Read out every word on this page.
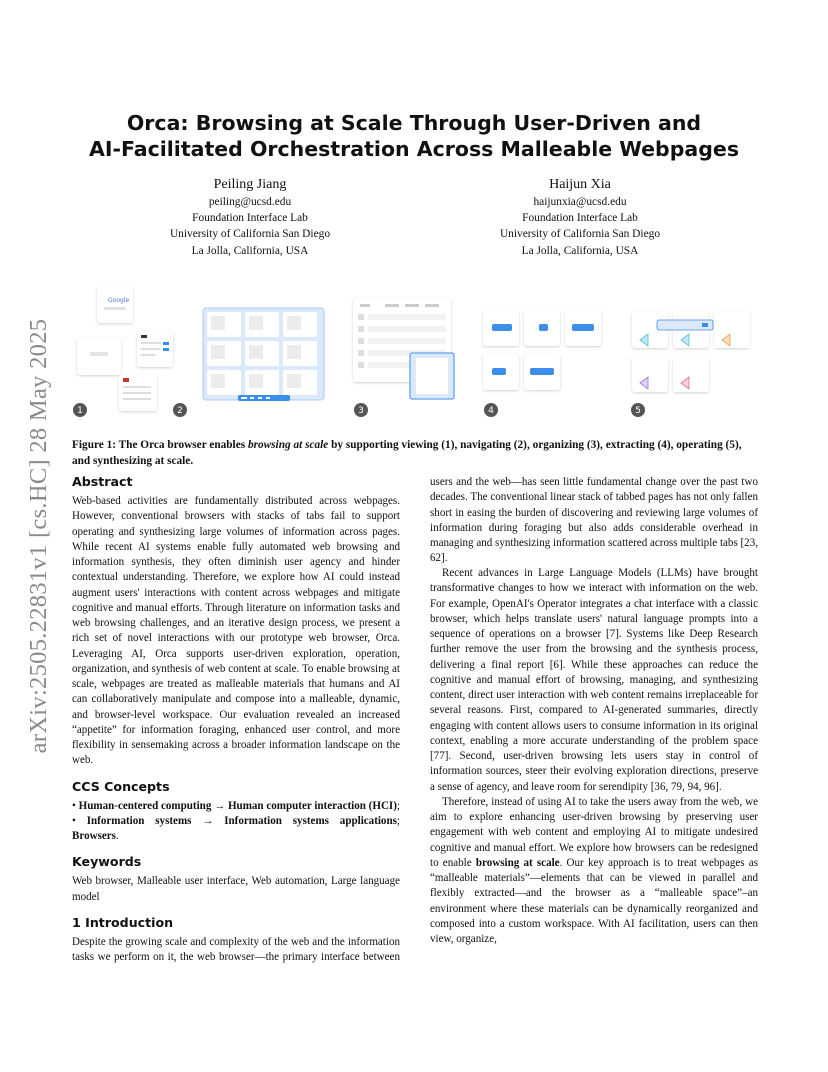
arXiv:2505.22831v1 [cs.HC] 28 May 2025
Orca: Browsing at Scale Through User-Driven and
AI-Facilitated Orchestration Across Malleable Webpages
Peiling Jiang
peiling@ucsd.edu
Foundation Interface Lab
University of California San Diego
La Jolla, California, USA
Haijun Xia
haijunxia@ucsd.edu
Foundation Interface Lab
University of California San Diego
La Jolla, California, USA
Google
1	2	3	4	5
Figure 1: The Orca browser enables browsing at scale by supporting viewing (1), navigating (2), organizing (3), extracting (4), operating (5), and synthesizing at scale.
Abstract

Web-based activities are fundamentally distributed across webpages. However, conventional browsers with stacks of tabs fail to support operating and synthesizing large volumes of information across pages. While recent AI systems enable fully automated web browsing and information synthesis, they often diminish user agency and hinder contextual understanding. Therefore, we explore how AI could instead augment users' interactions with content across webpages and mitigate cognitive and manual efforts. Through literature on information tasks and web browsing challenges, and an iterative design process, we present a rich set of novel interactions with our prototype web browser, Orca. Leveraging AI, Orca supports user-driven exploration, operation, organization, and synthesis of web content at scale. To enable browsing at scale, webpages are treated as malleable materials that humans and AI can collaboratively manipulate and compose into a malleable, dynamic, and browser-level workspace. Our evaluation revealed an increased “appetite” for information foraging, enhanced user control, and more flexibility in sensemaking across a broader information landscape on the web.

CCS Concepts

• Human-centered computing → Human computer interaction (HCI); • Information systems → Information systems applications; Browsers.

Keywords

Web browser, Malleable user interface, Web automation, Large language model

1 Introduction

Despite the growing scale and complexity of the web and the information tasks we perform on it, the web browser—the primary interface between

users and the web—has seen little fundamental change over the past two decades. The conventional linear stack of tabbed pages has not only fallen short in easing the burden of discovering and reviewing large volumes of information during foraging but also adds considerable overhead in managing and synthesizing information scattered across multiple tabs [23, 62].

Recent advances in Large Language Models (LLMs) have brought transformative changes to how we interact with information on the web. For example, OpenAI's Operator integrates a chat interface with a classic browser, which helps translate users' natural language prompts into a sequence of operations on a browser [7]. Systems like Deep Research further remove the user from the browsing and the synthesis process, delivering a final report [6]. While these approaches can reduce the cognitive and manual effort of browsing, managing, and synthesizing content, direct user interaction with web content remains irreplaceable for several reasons. First, compared to AI-generated summaries, directly engaging with content allows users to consume information in its original context, enabling a more accurate understanding of the problem space [77]. Second, user-driven browsing lets users stay in control of information sources, steer their evolving exploration directions, preserve a sense of agency, and leave room for serendipity [36, 79, 94, 96].

Therefore, instead of using AI to take the users away from the web, we aim to explore enhancing user-driven browsing by preserving user engagement with web content and employing AI to mitigate undesired cognitive and manual effort. We explore how browsers can be redesigned to enable browsing at scale. Our key approach is to treat webpages as “malleable materials”—elements that can be viewed in parallel and flexibly extracted—and the browser as a “malleable space”–an environment where these materials can be dynamically reorganized and composed into a custom workspace. With AI facilitation, users can then view, organize,
